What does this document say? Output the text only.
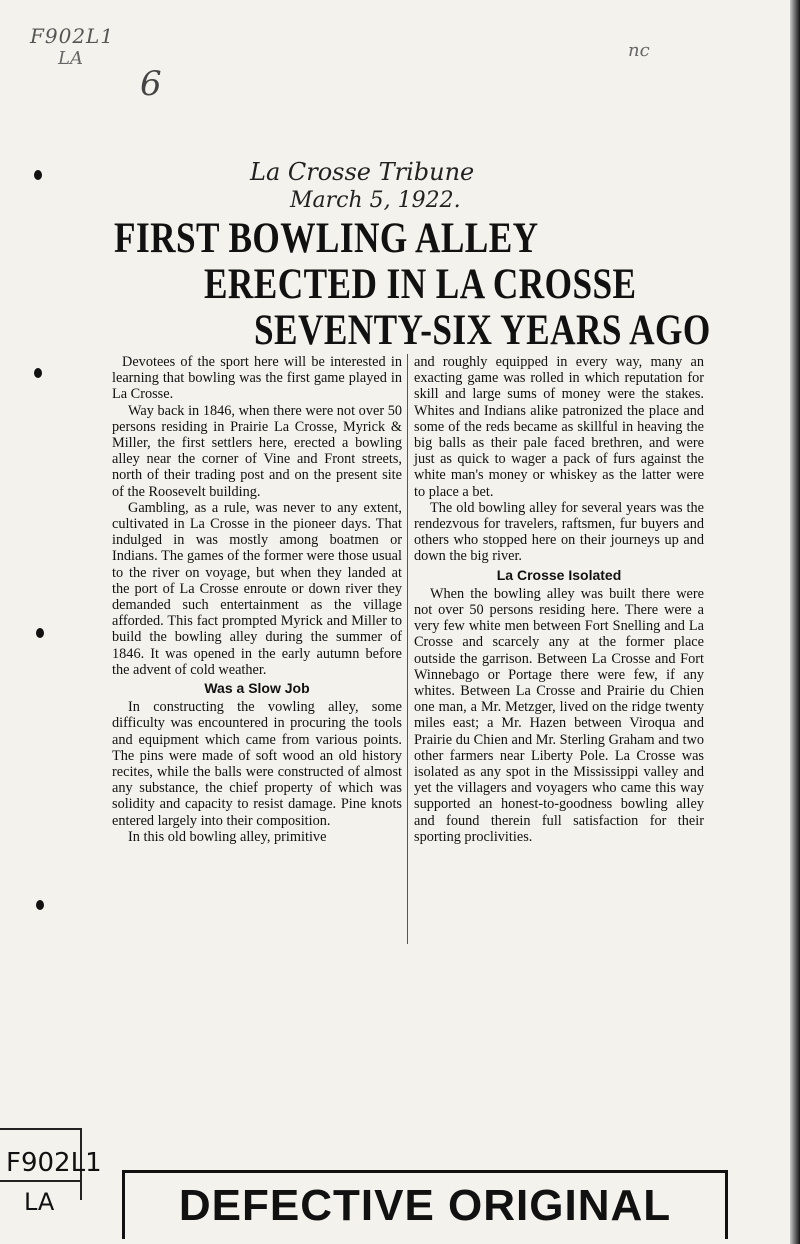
F902L1
LA
6
nc
La Crosse Tribune
March 5, 1922.
FIRST BOWLING ALLEY
ERECTED IN LA CROSSE
SEVENTY-SIX YEARS AGO

Devotees of the sport here will be interested in learning that bowling was the first game played in La Crosse.

Way back in 1846, when there were not over 50 persons residing in Prairie La Crosse, Myrick & Miller, the first settlers here, erected a bowling alley near the corner of Vine and Front streets, north of their trading post and on the present site of the Roosevelt building.

Gambling, as a rule, was never to any extent, cultivated in La Crosse in the pioneer days. That indulged in was mostly among boatmen or Indians. The games of the former were those usual to the river on voyage, but when they landed at the port of La Crosse enroute or down river they demanded such entertainment as the village afforded. This fact prompted Myrick and Miller to build the bowling alley during the summer of 1846. It was opened in the early autumn before the advent of cold weather.

Was a Slow Job

In constructing the vowling alley, some difficulty was encountered in procuring the tools and equipment which came from various points. The pins were made of soft wood an old history recites, while the balls were constructed of almost any substance, the chief property of which was solidity and capacity to resist damage. Pine knots entered largely into their composition.

In this old bowling alley, primitive

and roughly equipped in every way, many an exacting game was rolled in which reputation for skill and large sums of money were the stakes. Whites and Indians alike patronized the place and some of the reds became as skillful in heaving the big balls as their pale faced brethren, and were just as quick to wager a pack of furs against the white man's money or whiskey as the latter were to place a bet.

The old bowling alley for several years was the rendezvous for travelers, raftsmen, fur buyers and others who stopped here on their journeys up and down the big river.

La Crosse Isolated

When the bowling alley was built there were not over 50 persons residing here. There were a very few white men between Fort Snelling and La Crosse and scarcely any at the former place outside the garrison. Between La Crosse and Fort Winnebago or Portage there were few, if any whites. Between La Crosse and Prairie du Chien one man, a Mr. Metzger, lived on the ridge twenty miles east; a Mr. Hazen between Viroqua and Prairie du Chien and Mr. Sterling Graham and two other farmers near Liberty Pole. La Crosse was isolated as any spot in the Mississippi valley and yet the villagers and voyagers who came this way supported an honest-to-goodness bowling alley and found therein full satisfaction for their sporting proclivities.

F902L1
LA	DEFECTIVE ORIGINAL
